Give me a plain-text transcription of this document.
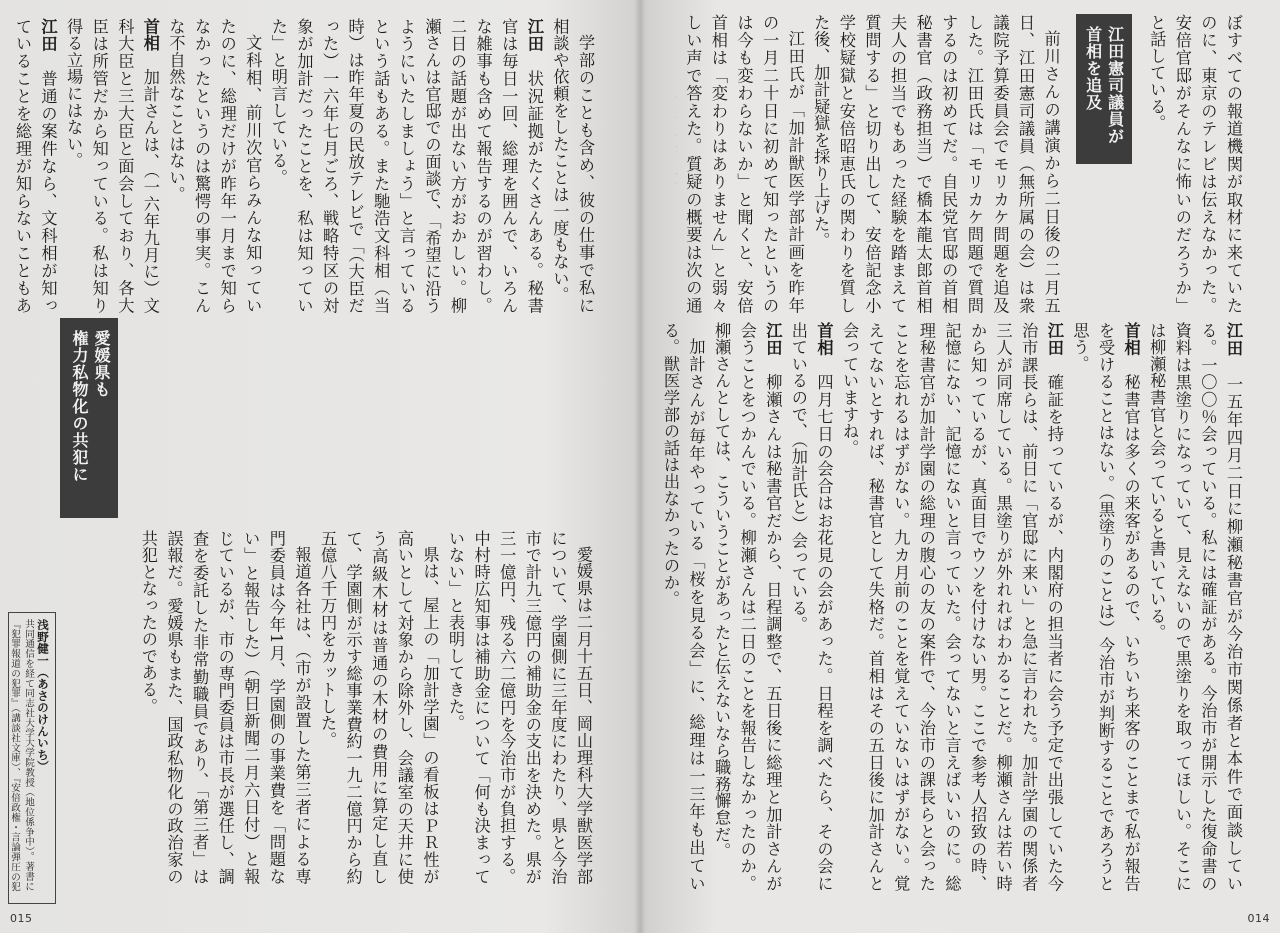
学部のことも含め、彼の仕事で私に相談や依頼をしたことは一度もない。

江田　状況証拠がたくさんある。秘書官は毎日一回、総理を囲んで、いろんな雑事も含めて報告するのが習わし。二日の話題が出ない方がおかしい。柳瀬さんは官邸での面談で、「希望に沿うようにいたしましょう」と言っているという話もある。また馳浩文科相（当時）は昨年夏の民放テレビで「（大臣だった）一六年七月ごろ、戦略特区の対象が加計だったことを、私は知っていた」と明言している。

文科相、前川次官らみんな知っていたのに、総理だけが昨年一月まで知らなかったというのは驚愕の事実。こんな不自然なことはない。

首相　加計さんは、（一六年九月に）文科大臣と三大臣と面会しており、各大臣は所管だから知っている。私は知り得る立場にはない。

江田　普通の案件なら、文科相が知っていることを総理が知らないこともあ

愛媛県も
権力私物化の共犯に

愛媛県は二月十五日、岡山理科大学獣医学部について、学園側に三年度にわたり、県と今治市で計九三億円の補助金の支出を決めた。県が三一億円、残る六二億円を今治市が負担する。中村時広知事は補助金について「何も決まっていない」と表明してきた。

県は、屋上の「加計学園」の看板はＰＲ性が高いとして対象から除外し、会議室の天井に使う高級木材は普通の木材の費用に算定し直して、学園側が示す総事業費約一九二億円から約五億八千万円をカットした。

報道各社は、（市が設置した第三者による専門委員は今年1月、学園側の事業費を「問題ない」と報告した）（朝日新聞二月六日付）と報じているが、市の専門委員は市長が選任し、調査を委託した非常勤職員であり、「第三者」は誤報だ。愛媛県もまた、国政私物化の政治家の共犯となったのである。

浅野健一（あさのけんいち）
共同通信を経て同志社大学大学院教授（地位係争中）。著書に『犯罪報道の犯罪』（講談社文庫）、『安倍政権・言論弾圧の犯
015

ぼすべての報道機関が取材に来ていたのに、東京のテレビは伝えなかった。安倍官邸がそんなに怖いのだろうか」と話している。

江田憲司議員が
首相を追及

前川さんの講演から二日後の二月五日、江田憲司議員（無所属の会）は衆議院予算委員会でモリカケ問題を追及した。江田氏は「モリカケ問題で質問するのは初めてだ。自民党官邸の首相秘書官（政務担当）で橋本龍太郎首相夫人の担当でもあった経験を踏まえて質問する」と切り出して、安倍記念小学校疑獄と安倍昭恵氏の関わりを質した後、加計疑獄を採り上げた。

江田氏が「加計獣医学部計画を昨年の一月二十日に初めて知ったというのは今も変わらないか」と聞くと、安倍首相は「変わりはありません」と弱々しい声で答えた。質疑の概要は次の通

江田　一五年四月二日に柳瀬秘書官が今治市関係者と本件で面談している。一〇〇％会っている。私には確証がある。今治市が開示した復命書の資料は黒塗りになっていて、見えないので黒塗りを取ってほしい。そこには柳瀬秘書官と会っていると書いている。

首相　秘書官は多くの来客があるので、いちいち来客のことまで私が報告を受けることはない。（黒塗りのことは）今治市が判断することであろうと思う。

江田　確証を持っているが、内閣府の担当者に会う予定で出張していた今治市課長らは、前日に「官邸に来い」と急に言われた。加計学園の関係者三人が同席している。黒塗りが外れればわかることだ。柳瀬さんは若い時から知っているが、真面目でウソを付けない男。ここで参考人招致の時、記憶にない、記憶にないと言っていた。会ってないと言えばいいのに。総理秘書官が加計学園の総理の腹心の友の案件で、今治市の課長らと会ったことを忘れるはずがない。九カ月前のことを覚えていないはずがない。覚えてないとすれば、秘書官として失格だ。首相はその五日後に加計さんと会っていますね。

首相　四月七日の会合はお花見の会があった。日程を調べたら、その会に出ているので、（加計氏と）会っている。

江田　柳瀬さんは秘書官だから、日程調整で、五日後に総理と加計さんが会うことをつかんでいる。柳瀬さんは二日のことを報告しなかったのか。柳瀬さんとしては、こういうことがあったと伝えないなら職務懈怠だ。

加計さんが毎年やっている「桜を見る会」に、総理は一三年も出ている。獣医学部の話は出なかったのか。

014
